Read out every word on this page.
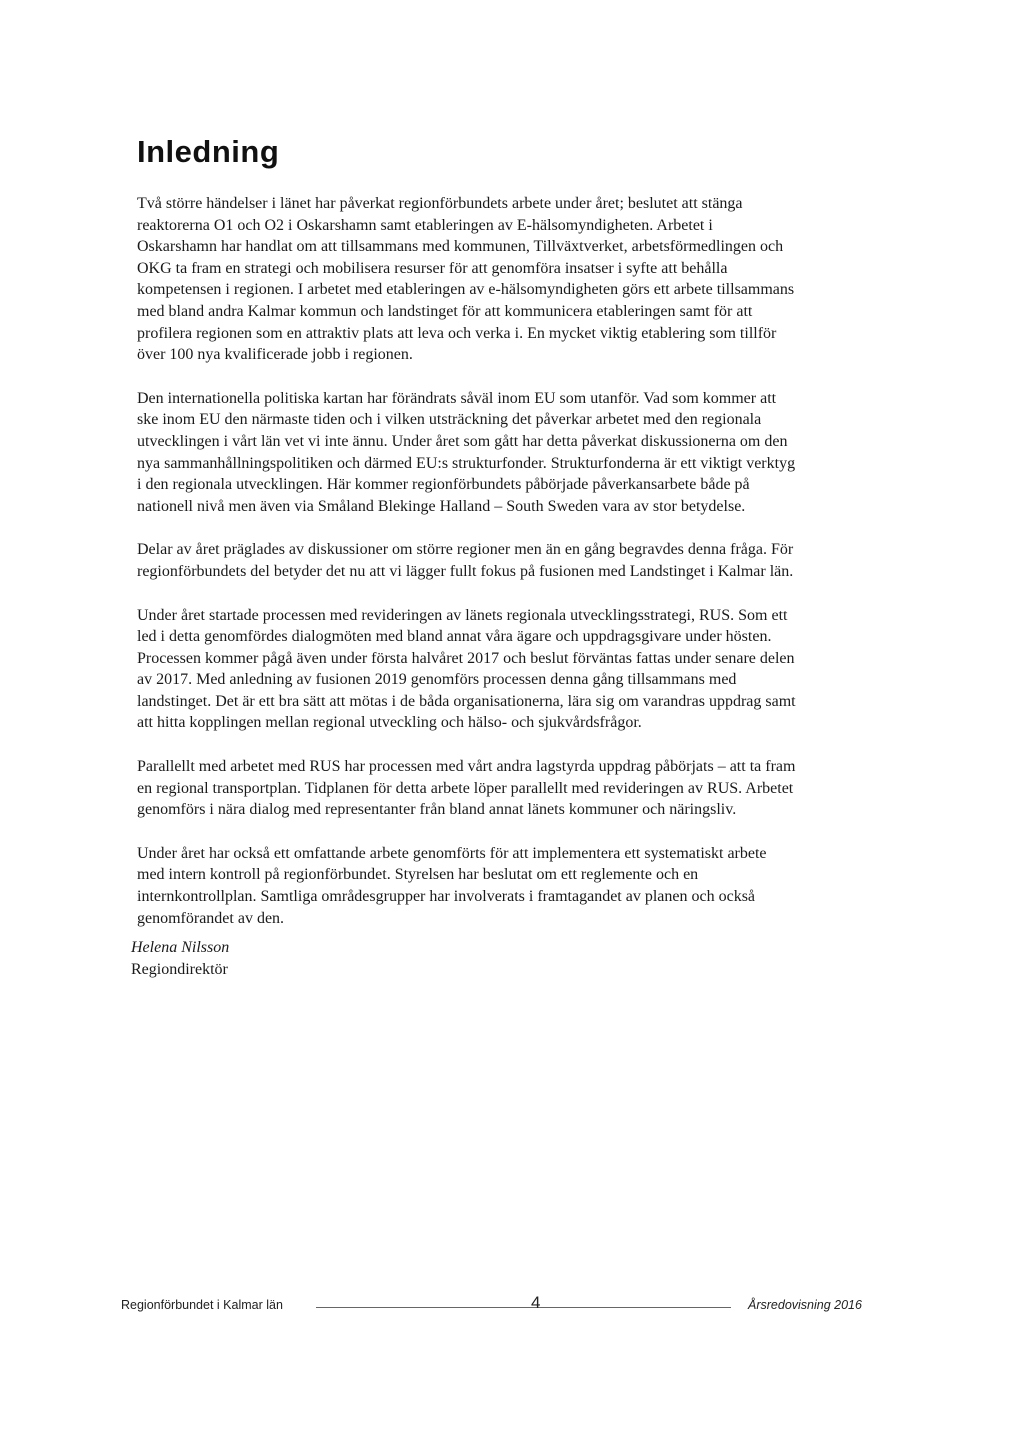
Inledning

Två större händelser i länet har påverkat regionförbundets arbete under året; beslutet att stänga
reaktorerna O1 och O2 i Oskarshamn samt etableringen av E-hälsomyndigheten. Arbetet i
Oskarshamn har handlat om att tillsammans med kommunen, Tillväxtverket, arbetsförmedlingen och
OKG ta fram en strategi och mobilisera resurser för att genomföra insatser i syfte att behålla
kompetensen i regionen. I arbetet med etableringen av e-hälsomyndigheten görs ett arbete tillsammans
med bland andra Kalmar kommun och landstinget för att kommunicera etableringen samt för att
profilera regionen som en attraktiv plats att leva och verka i. En mycket viktig etablering som tillför
över 100 nya kvalificerade jobb i regionen.

Den internationella politiska kartan har förändrats såväl inom EU som utanför. Vad som kommer att
ske inom EU den närmaste tiden och i vilken utsträckning det påverkar arbetet med den regionala
utvecklingen i vårt län vet vi inte ännu. Under året som gått har detta påverkat diskussionerna om den
nya sammanhållningspolitiken och därmed EU:s strukturfonder. Strukturfonderna är ett viktigt verktyg
i den regionala utvecklingen. Här kommer regionförbundets påbörjade påverkansarbete både på
nationell nivå men även via Småland Blekinge Halland – South Sweden vara av stor betydelse.

Delar av året präglades av diskussioner om större regioner men än en gång begravdes denna fråga. För
regionförbundets del betyder det nu att vi lägger fullt fokus på fusionen med Landstinget i Kalmar län.

Under året startade processen med revideringen av länets regionala utvecklingsstrategi, RUS. Som ett
led i detta genomfördes dialogmöten med bland annat våra ägare och uppdragsgivare under hösten.
Processen kommer pågå även under första halvåret 2017 och beslut förväntas fattas under senare delen
av 2017. Med anledning av fusionen 2019 genomförs processen denna gång tillsammans med
landstinget. Det är ett bra sätt att mötas i de båda organisationerna, lära sig om varandras uppdrag samt
att hitta kopplingen mellan regional utveckling och hälso- och sjukvårdsfrågor.

Parallellt med arbetet med RUS har processen med vårt andra lagstyrda uppdrag påbörjats – att ta fram
en regional transportplan. Tidplanen för detta arbete löper parallellt med revideringen av RUS. Arbetet
genomförs i nära dialog med representanter från bland annat länets kommuner och näringsliv.

Under året har också ett omfattande arbete genomförts för att implementera ett systematiskt arbete
med intern kontroll på regionförbundet. Styrelsen har beslutat om ett reglemente och en
internkontrollplan. Samtliga områdesgrupper har involverats i framtagandet av planen och också
genomförandet av den.

Helena Nilsson
Regiondirektör
Regionförbundet i Kalmar län	4	Årsredovisning 2016
